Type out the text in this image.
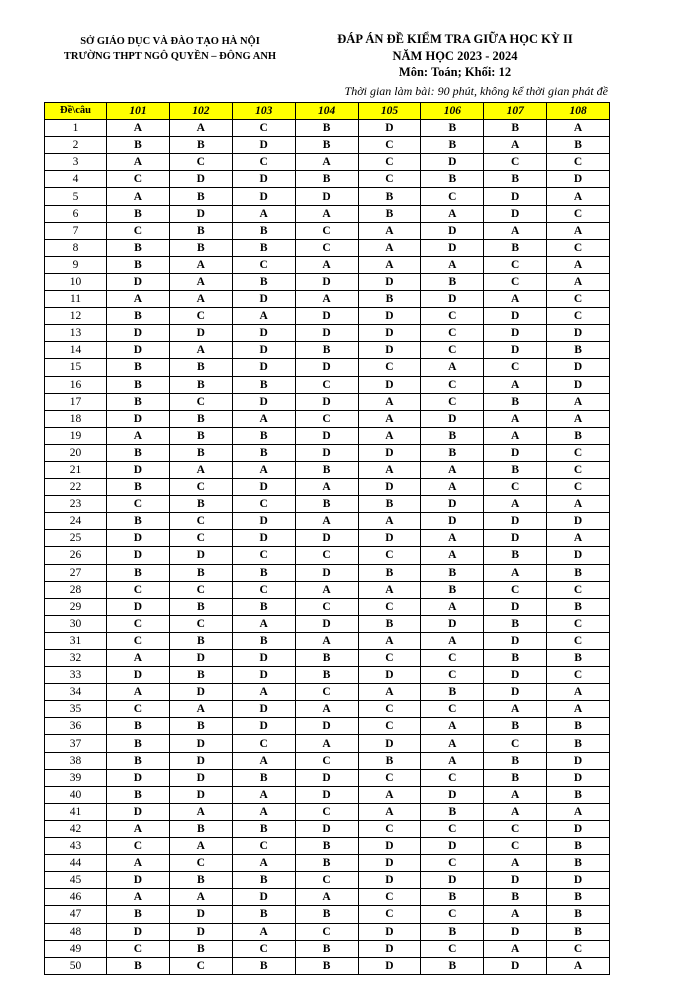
SỞ GIÁO DỤC VÀ ĐÀO TẠO HÀ NỘI
TRƯỜNG THPT NGÔ QUYỀN – ĐÔNG ANH
ĐÁP ÁN ĐỀ KIỂM TRA GIỮA HỌC KỲ II
NĂM HỌC 2023 - 2024
Môn: Toán; Khối: 12
Thời gian làm bài: 90 phút, không kể thời gian phát đề
Đề\câu	101	102	103	104	105	106	107	108
1	A	A	C	B	D	B	B	A
2	B	B	D	B	C	B	A	B
3	A	C	C	A	C	D	C	C
4	C	D	D	B	C	B	B	D
5	A	B	D	D	B	C	D	A
6	B	D	A	A	B	A	D	C
7	C	B	B	C	A	D	A	A
8	B	B	B	C	A	D	B	C
9	B	A	C	A	A	A	C	A
10	D	A	B	D	D	B	C	A
11	A	A	D	A	B	D	A	C
12	B	C	A	D	D	C	D	C
13	D	D	D	D	D	C	D	D
14	D	A	D	B	D	C	D	B
15	B	B	D	D	C	A	C	D
16	B	B	B	C	D	C	A	D
17	B	C	D	D	A	C	B	A
18	D	B	A	C	A	D	A	A
19	A	B	B	D	A	B	A	B
20	B	B	B	D	D	B	D	C
21	D	A	A	B	A	A	B	C
22	B	C	D	A	D	A	C	C
23	C	B	C	B	B	D	A	A
24	B	C	D	A	A	D	D	D
25	D	C	D	D	D	A	D	A
26	D	D	C	C	C	A	B	D
27	B	B	B	D	B	B	A	B
28	C	C	C	A	A	B	C	C
29	D	B	B	C	C	A	D	B
30	C	C	A	D	B	D	B	C
31	C	B	B	A	A	A	D	C
32	A	D	D	B	C	C	B	B
33	D	B	D	B	D	C	D	C
34	A	D	A	C	A	B	D	A
35	C	A	D	A	C	C	A	A
36	B	B	D	D	C	A	B	B
37	B	D	C	A	D	A	C	B
38	B	D	A	C	B	A	B	D
39	D	D	B	D	C	C	B	D
40	B	D	A	D	A	D	A	B
41	D	A	A	C	A	B	A	A
42	A	B	B	D	C	C	C	D
43	C	A	C	B	D	D	C	B
44	A	C	A	B	D	C	A	B
45	D	B	B	C	D	D	D	D
46	A	A	D	A	C	B	B	B
47	B	D	B	B	C	C	A	B
48	D	D	A	C	D	B	D	B
49	C	B	C	B	D	C	A	C
50	B	C	B	B	D	B	D	A
